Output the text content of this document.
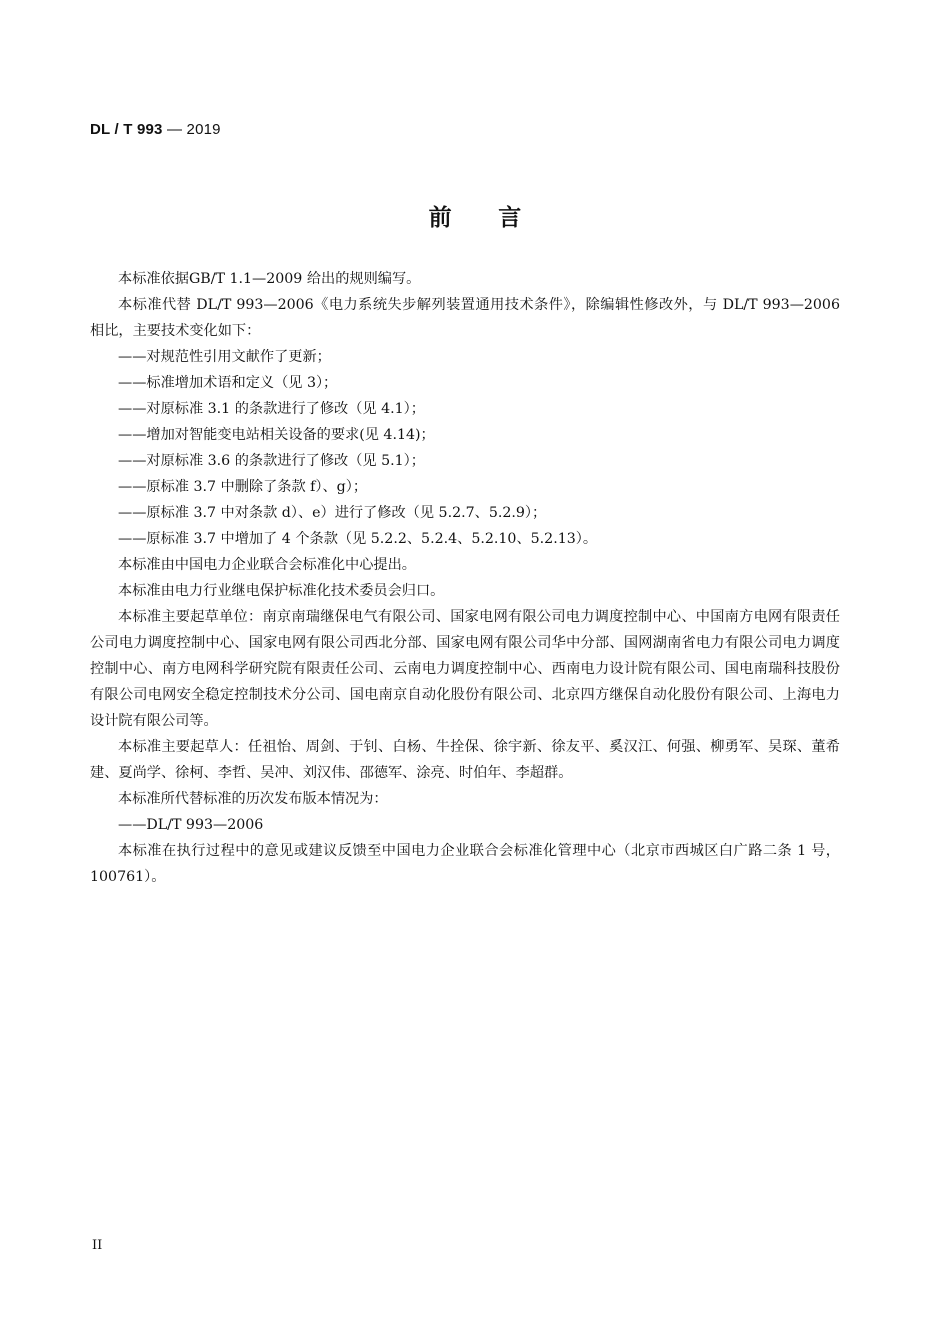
DL / T 993 — 2019
前　　言

本标准依据GB/T 1.1—2009 给出的规则编写。

本标准代替 DL/T 993—2006《电力系统失步解列装置通用技术条件》，除编辑性修改外，与 DL/T 993—2006 相比，主要技术变化如下：

——对规范性引用文献作了更新；

——标准增加术语和定义（见 3）；

——对原标准 3.1 的条款进行了修改（见 4.1）；

——增加对智能变电站相关设备的要求(见 4.14)；

——对原标准 3.6 的条款进行了修改（见 5.1）；

——原标准 3.7 中删除了条款 f）、g）；

——原标准 3.7 中对条款 d）、e）进行了修改（见 5.2.7、5.2.9）；

——原标准 3.7 中增加了 4 个条款（见 5.2.2、5.2.4、5.2.10、5.2.13）。

本标准由中国电力企业联合会标准化中心提出。

本标准由电力行业继电保护标准化技术委员会归口。

本标准主要起草单位：南京南瑞继保电气有限公司、国家电网有限公司电力调度控制中心、中国南方电网有限责任公司电力调度控制中心、国家电网有限公司西北分部、国家电网有限公司华中分部、国网湖南省电力有限公司电力调度控制中心、南方电网科学研究院有限责任公司、云南电力调度控制中心、西南电力设计院有限公司、国电南瑞科技股份有限公司电网安全稳定控制技术分公司、国电南京自动化股份有限公司、北京四方继保自动化股份有限公司、上海电力设计院有限公司等。

本标准主要起草人：任祖怡、周剑、于钊、白杨、牛拴保、徐宇新、徐友平、奚汉江、何强、柳勇军、吴琛、董希建、夏尚学、徐柯、李哲、吴冲、刘汉伟、邵德军、涂亮、时伯年、李超群。

本标准所代替标准的历次发布版本情况为：

——DL/T 993—2006

本标准在执行过程中的意见或建议反馈至中国电力企业联合会标准化管理中心（北京市西城区白广路二条 1 号，100761）。

II
